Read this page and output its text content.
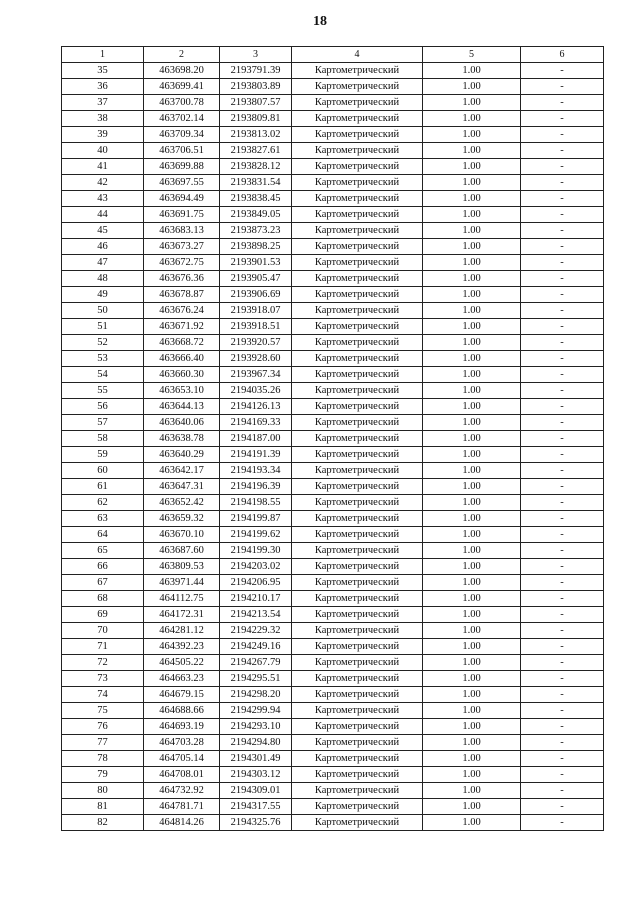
18
1	2	3	4	5	6
35	463698.20	2193791.39	Картометрический	1.00	-
36	463699.41	2193803.89	Картометрический	1.00	-
37	463700.78	2193807.57	Картометрический	1.00	-
38	463702.14	2193809.81	Картометрический	1.00	-
39	463709.34	2193813.02	Картометрический	1.00	-
40	463706.51	2193827.61	Картометрический	1.00	-
41	463699.88	2193828.12	Картометрический	1.00	-
42	463697.55	2193831.54	Картометрический	1.00	-
43	463694.49	2193838.45	Картометрический	1.00	-
44	463691.75	2193849.05	Картометрический	1.00	-
45	463683.13	2193873.23	Картометрический	1.00	-
46	463673.27	2193898.25	Картометрический	1.00	-
47	463672.75	2193901.53	Картометрический	1.00	-
48	463676.36	2193905.47	Картометрический	1.00	-
49	463678.87	2193906.69	Картометрический	1.00	-
50	463676.24	2193918.07	Картометрический	1.00	-
51	463671.92	2193918.51	Картометрический	1.00	-
52	463668.72	2193920.57	Картометрический	1.00	-
53	463666.40	2193928.60	Картометрический	1.00	-
54	463660.30	2193967.34	Картометрический	1.00	-
55	463653.10	2194035.26	Картометрический	1.00	-
56	463644.13	2194126.13	Картометрический	1.00	-
57	463640.06	2194169.33	Картометрический	1.00	-
58	463638.78	2194187.00	Картометрический	1.00	-
59	463640.29	2194191.39	Картометрический	1.00	-
60	463642.17	2194193.34	Картометрический	1.00	-
61	463647.31	2194196.39	Картометрический	1.00	-
62	463652.42	2194198.55	Картометрический	1.00	-
63	463659.32	2194199.87	Картометрический	1.00	-
64	463670.10	2194199.62	Картометрический	1.00	-
65	463687.60	2194199.30	Картометрический	1.00	-
66	463809.53	2194203.02	Картометрический	1.00	-
67	463971.44	2194206.95	Картометрический	1.00	-
68	464112.75	2194210.17	Картометрический	1.00	-
69	464172.31	2194213.54	Картометрический	1.00	-
70	464281.12	2194229.32	Картометрический	1.00	-
71	464392.23	2194249.16	Картометрический	1.00	-
72	464505.22	2194267.79	Картометрический	1.00	-
73	464663.23	2194295.51	Картометрический	1.00	-
74	464679.15	2194298.20	Картометрический	1.00	-
75	464688.66	2194299.94	Картометрический	1.00	-
76	464693.19	2194293.10	Картометрический	1.00	-
77	464703.28	2194294.80	Картометрический	1.00	-
78	464705.14	2194301.49	Картометрический	1.00	-
79	464708.01	2194303.12	Картометрический	1.00	-
80	464732.92	2194309.01	Картометрический	1.00	-
81	464781.71	2194317.55	Картометрический	1.00	-
82	464814.26	2194325.76	Картометрический	1.00	-
